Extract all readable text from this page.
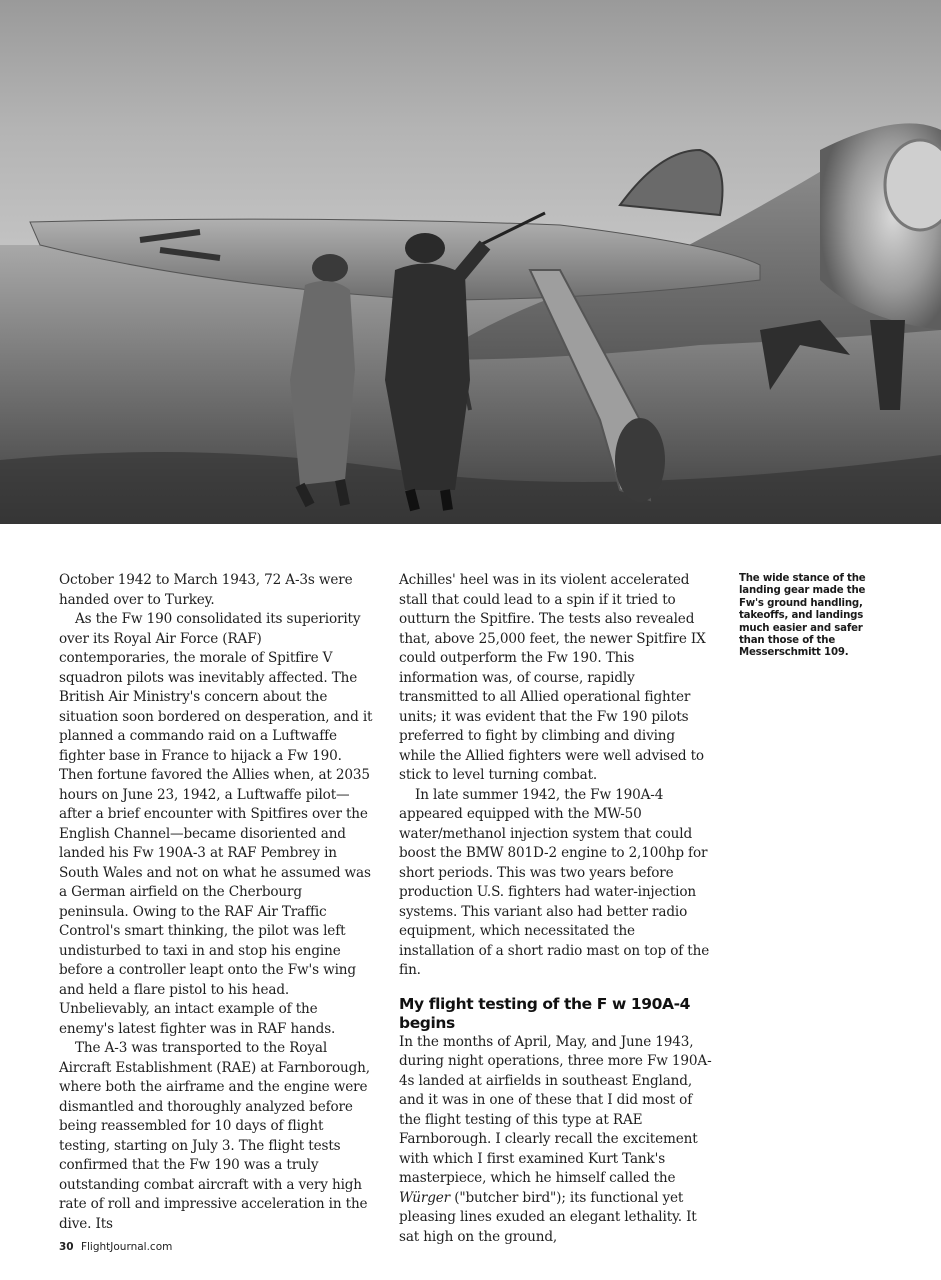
October 1942 to March 1943, 72 A-3s were handed over to Turkey.

As the Fw 190 consolidated its superiority over its Royal Air Force (RAF) contemporaries, the morale of Spitfire V squadron pilots was inevitably affected. The British Air Ministry's concern about the situation soon bordered on desperation, and it planned a commando raid on a Luftwaffe fighter base in France to hijack a Fw 190. Then fortune favored the Allies when, at 2035 hours on June 23, 1942, a Luftwaffe pilot—after a brief encounter with Spitfires over the English Channel—became disoriented and landed his Fw 190A-3 at RAF Pembrey in South Wales and not on what he assumed was a German airfield on the Cherbourg peninsula. Owing to the RAF Air Traffic Control's smart thinking, the pilot was left undisturbed to taxi in and stop his engine before a controller leapt onto the Fw's wing and held a flare pistol to his head. Unbelievably, an intact example of the enemy's latest fighter was in RAF hands.

The A-3 was transported to the Royal Aircraft Establishment (RAE) at Farnborough, where both the airframe and the engine were dismantled and thoroughly analyzed before being reassembled for 10 days of flight testing, starting on July 3. The flight tests confirmed that the Fw 190 was a truly outstanding combat aircraft with a very high rate of roll and impressive acceleration in the dive. Its

Achilles' heel was in its violent accelerated stall that could lead to a spin if it tried to outturn the Spitfire. The tests also revealed that, above 25,000 feet, the newer Spitfire IX could outperform the Fw 190. This information was, of course, rapidly transmitted to all Allied operational fighter units; it was evident that the Fw 190 pilots preferred to fight by climbing and diving while the Allied fighters were well advised to stick to level turning combat.

In late summer 1942, the Fw 190A-4 appeared equipped with the MW-50 water/methanol injection system that could boost the BMW 801D-2 engine to 2,100hp for short periods. This was two years before production U.S. fighters had water-injection systems. This variant also had better radio equipment, which necessitated the installation of a short radio mast on top of the fin.

My flight testing of the F w 190A-4 begins

In the months of April, May, and June 1943, during night operations, three more Fw 190A-4s landed at airfields in southeast England, and it was in one of these that I did most of the flight testing of this type at RAE Farnborough. I clearly recall the excitement with which I first examined Kurt Tank's masterpiece, which he himself called the Würger ("butcher bird"); its functional yet pleasing lines exuded an elegant lethality. It sat high on the ground,

The wide stance of the landing gear made the Fw's ground handling, takeoffs, and landings much easier and safer than those of the Messerschmitt 109.
30 FlightJournal.com
